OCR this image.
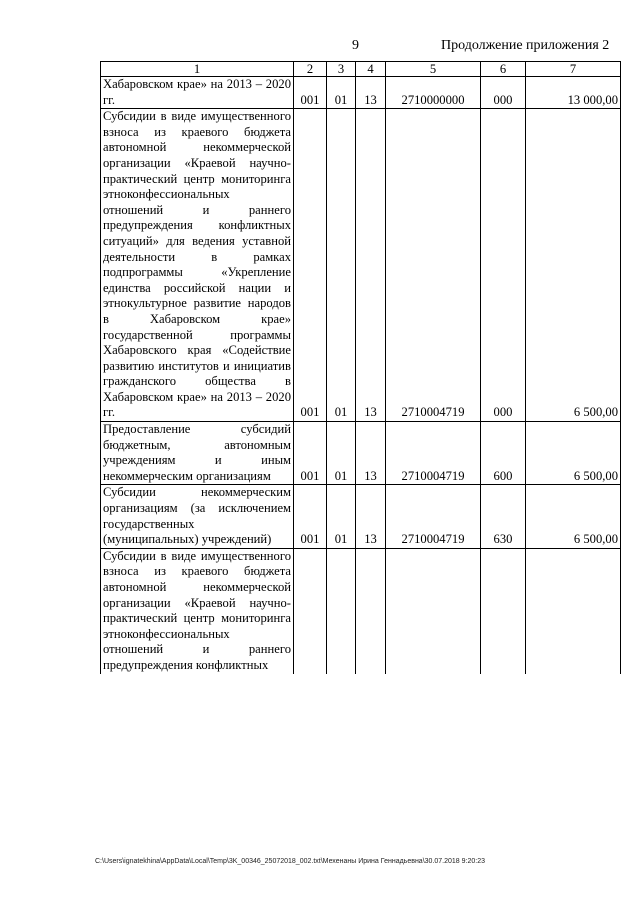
9	Продолжение приложения 2
1	2	3	4	5	6	7
Хабаровском крае» на 2013 – 2020 гг.	001	01	13	2710000000	000	13 000,00
Субсидии в виде имущественного взноса из краевого бюджета автономной некоммерческой организации «Краевой научно-практический центр мониторинга этноконфессиональных отношений и раннего предупреждения конфликтных ситуаций» для ведения уставной деятельности в рамках подпрограммы «Укрепление единства российской нации и этнокультурное развитие народов в Хабаровском крае» государственной программы Хабаровского края «Содействие развитию институтов и инициатив гражданского общества в Хабаровском крае» на 2013 – 2020 гг.	001	01	13	2710004719	000	6 500,00
Предоставление субсидий бюджетным, автономным учреждениям и иным некоммерческим организациям	001	01	13	2710004719	600	6 500,00
Субсидии некоммерческим организациям (за исключением государственных (муниципальных) учреждений)	001	01	13	2710004719	630	6 500,00
Субсидии в виде имущественного взноса из краевого бюджета автономной некоммерческой организации «Краевой научно-практический центр мониторинга этноконфессиональных отношений и раннего предупреждения конфликтных						
C:\Users\ignatekhina\AppData\Local\Temp\3K_00346_25072018_002.txt\Мехенаны Ирина Геннадьевна\30.07.2018 9:20:23
